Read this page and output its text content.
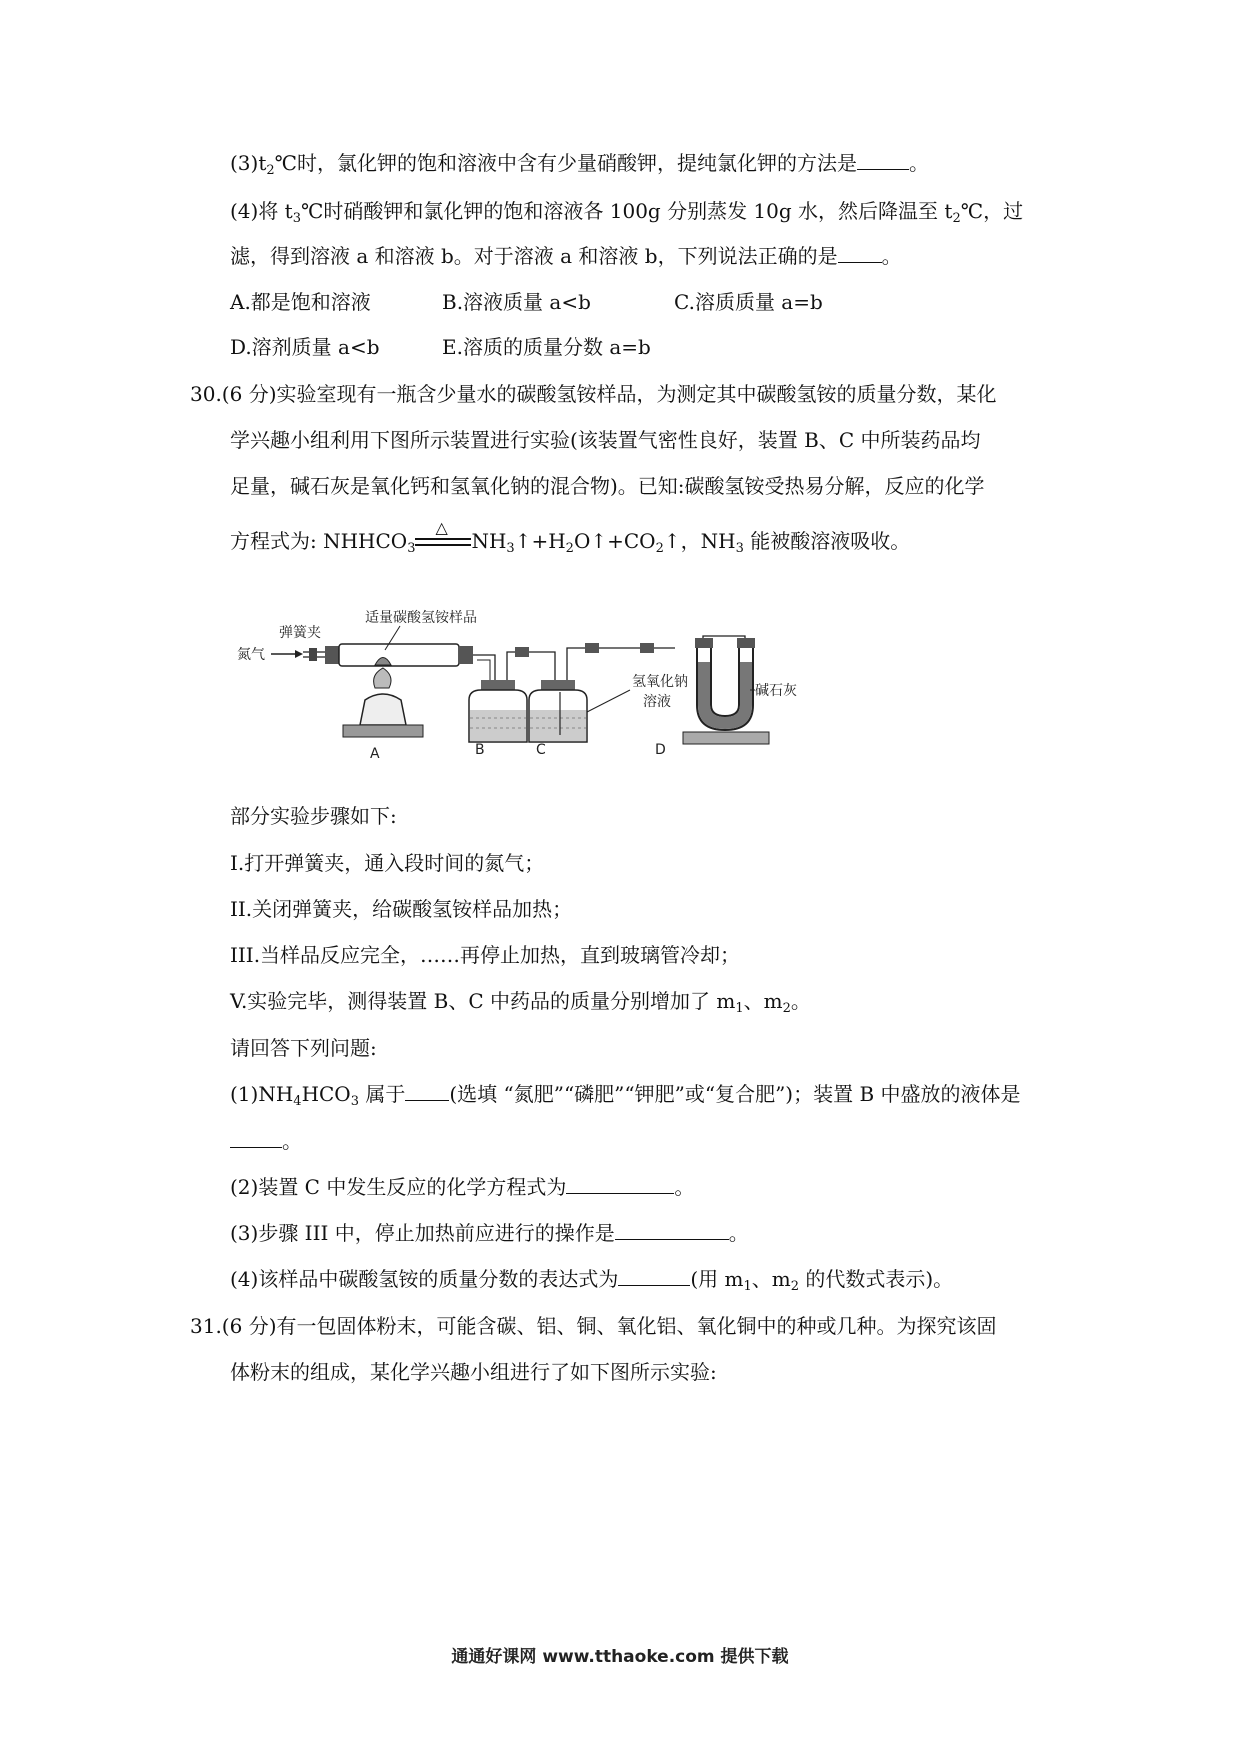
$(3)t_2℃$时，氯化钾的饱和溶液中含有少量硝酸钾，提纯氯化钾的方法是	。
(4)将 $t_3℃$时硝酸钾和氯化钾的饱和溶液各 100g 分别蒸发 10g 水，然后降温至 $t_2℃$，过
滤，得到溶液 a 和溶液 b。对于溶液 a 和溶液 b，下列说法正确的是 。
A.都是饱和溶液	B.溶液质量 a<b	C.溶质质量 a=b
D.溶剂质量 a<b	E.溶质的质量分数 a=b
30.(6 分)实验室现有一瓶含少量水的碳酸氢铵样品，为测定其中碳酸氢铵的质量分数，某化
学兴趣小组利用下图所示装置进行实验(该装置气密性良好，装置 B、C 中所装药品均
足量，碱石灰是氧化钙和氢氧化钠的混合物)。已知:碳酸氢铵受热易分解，反应的化学
方程式为: $NHHCO_3$
△
$NH_3↑+H_2O↑+CO_2↑$，$NH_3$ 能被酸溶液吸收。
氮气
弹簧夹
适量碳酸氢铵样品
氢氧化钠
溶液
碱石灰
A	B	C	D
部分实验步骤如下:
I.打开弹簧夹，通入段时间的氮气；
II.关闭弹簧夹，给碳酸氢铵样品加热；
III.当样品反应完全，……再停止加热，直到玻璃管冷却；
V.实验完毕，测得装置 B、C 中药品的质量分别增加了 $m_1$、$m_2$。
请回答下列问题:
$(1)NH_4HCO_3$ 属于 (选填 “氮肥”“磷肥”“钾肥”或“复合肥”)；装置 B 中盛放的液体是
。
(2)装置 C 中发生反应的化学方程式为	。
(3)步骤 III 中，停止加热前应进行的操作是	。
(4)该样品中碳酸氢铵的质量分数的表达式为	(用 $m_1$、$m_2$ 的代数式表示)。
31.(6 分)有一包固体粉末，可能含碳、铝、铜、氧化铝、氧化铜中的种或几种。为探究该固
体粉末的组成，某化学兴趣小组进行了如下图所示实验:
通通好课网 www.tthaoke.com 提供下载
